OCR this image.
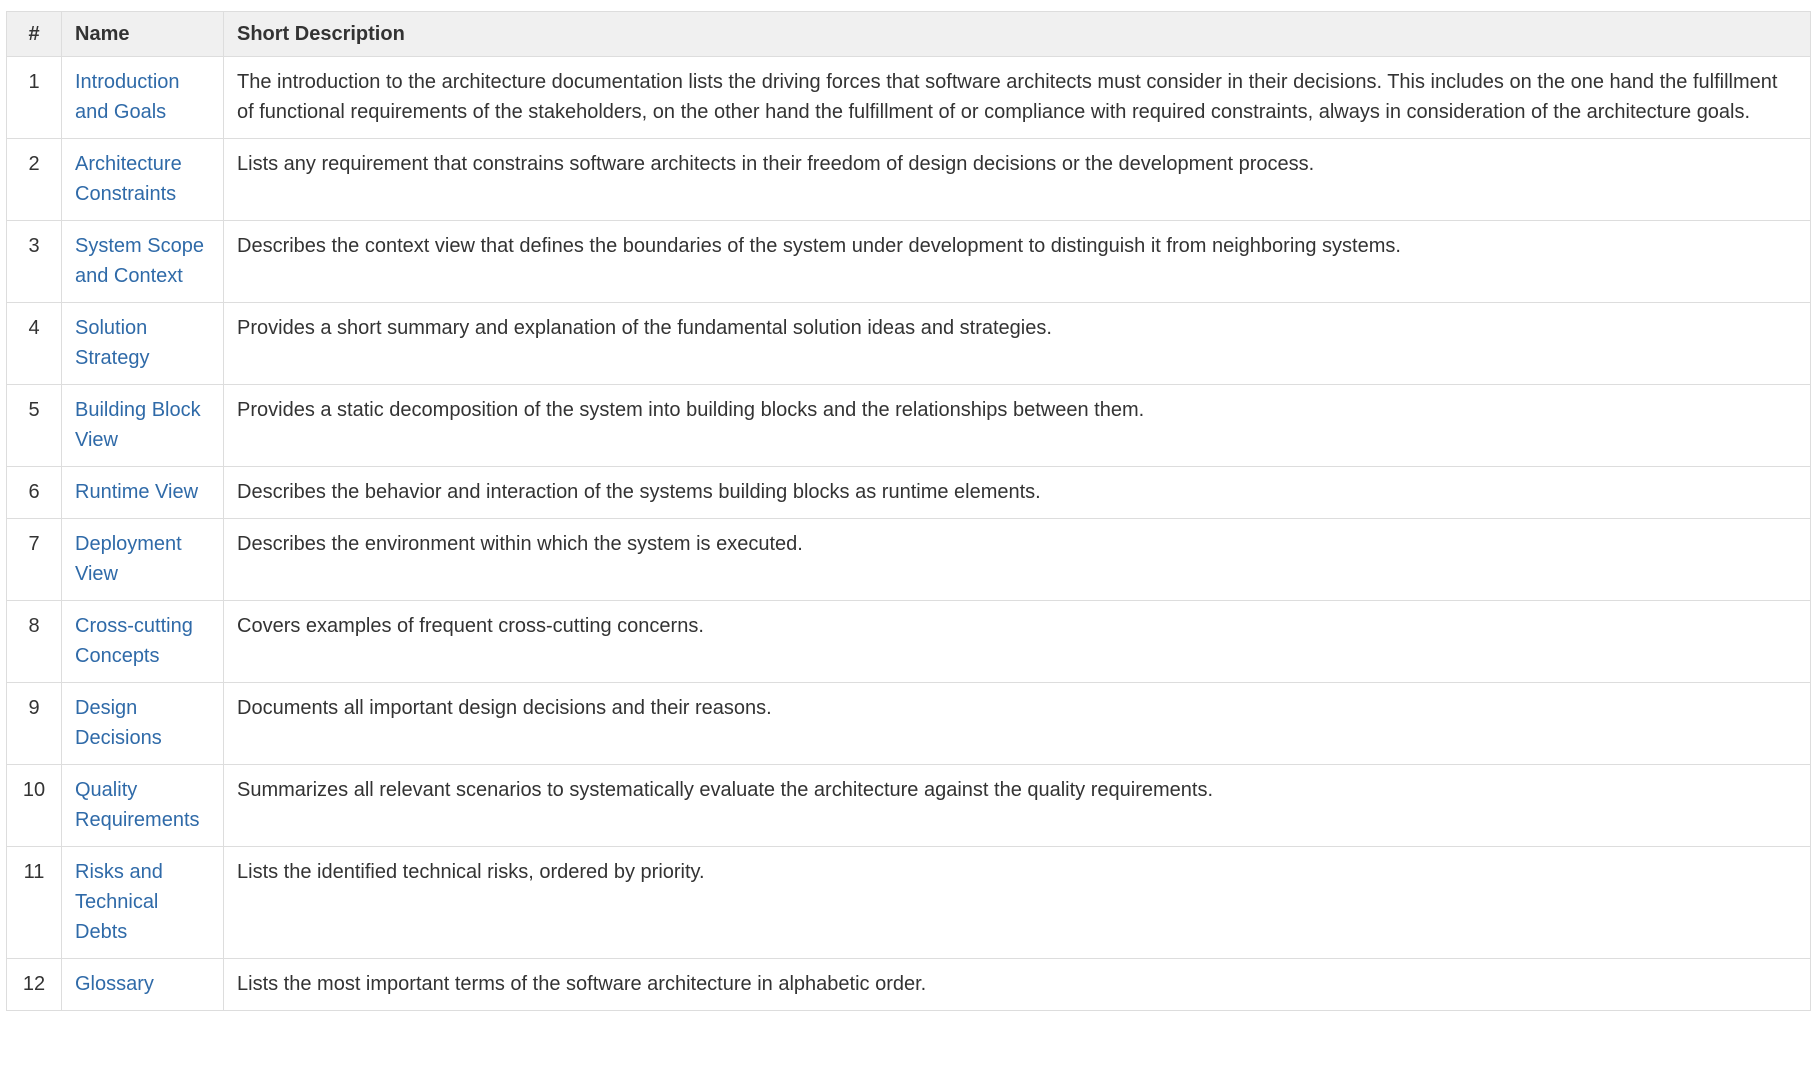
#	Name	Short Description
1	Introduction and Goals	The introduction to the architecture documentation lists the driving forces that software architects must consider in their decisions. This includes on the one hand the fulfillment of functional requirements of the stakeholders, on the other hand the fulfillment of or compliance with required constraints, always in consideration of the architecture goals.
2	Architecture Constraints	Lists any requirement that constrains software architects in their freedom of design decisions or the development process.
3	System Scope and Context	Describes the context view that defines the boundaries of the system under development to distinguish it from neighboring systems.
4	Solution Strategy	Provides a short summary and explanation of the fundamental solution ideas and strategies.
5	Building Block View	Provides a static decomposition of the system into building blocks and the relationships between them.
6	Runtime View	Describes the behavior and interaction of the systems building blocks as runtime elements.
7	Deployment View	Describes the environment within which the system is executed.
8	Cross-cutting Concepts	Covers examples of frequent cross-cutting concerns.
9	Design Decisions	Documents all important design decisions and their reasons.
10	Quality Requirements	Summarizes all relevant scenarios to systematically evaluate the architecture against the quality requirements.
11	Risks and Technical Debts	Lists the identified technical risks, ordered by priority.
12	Glossary	Lists the most important terms of the software architecture in alphabetic order.
